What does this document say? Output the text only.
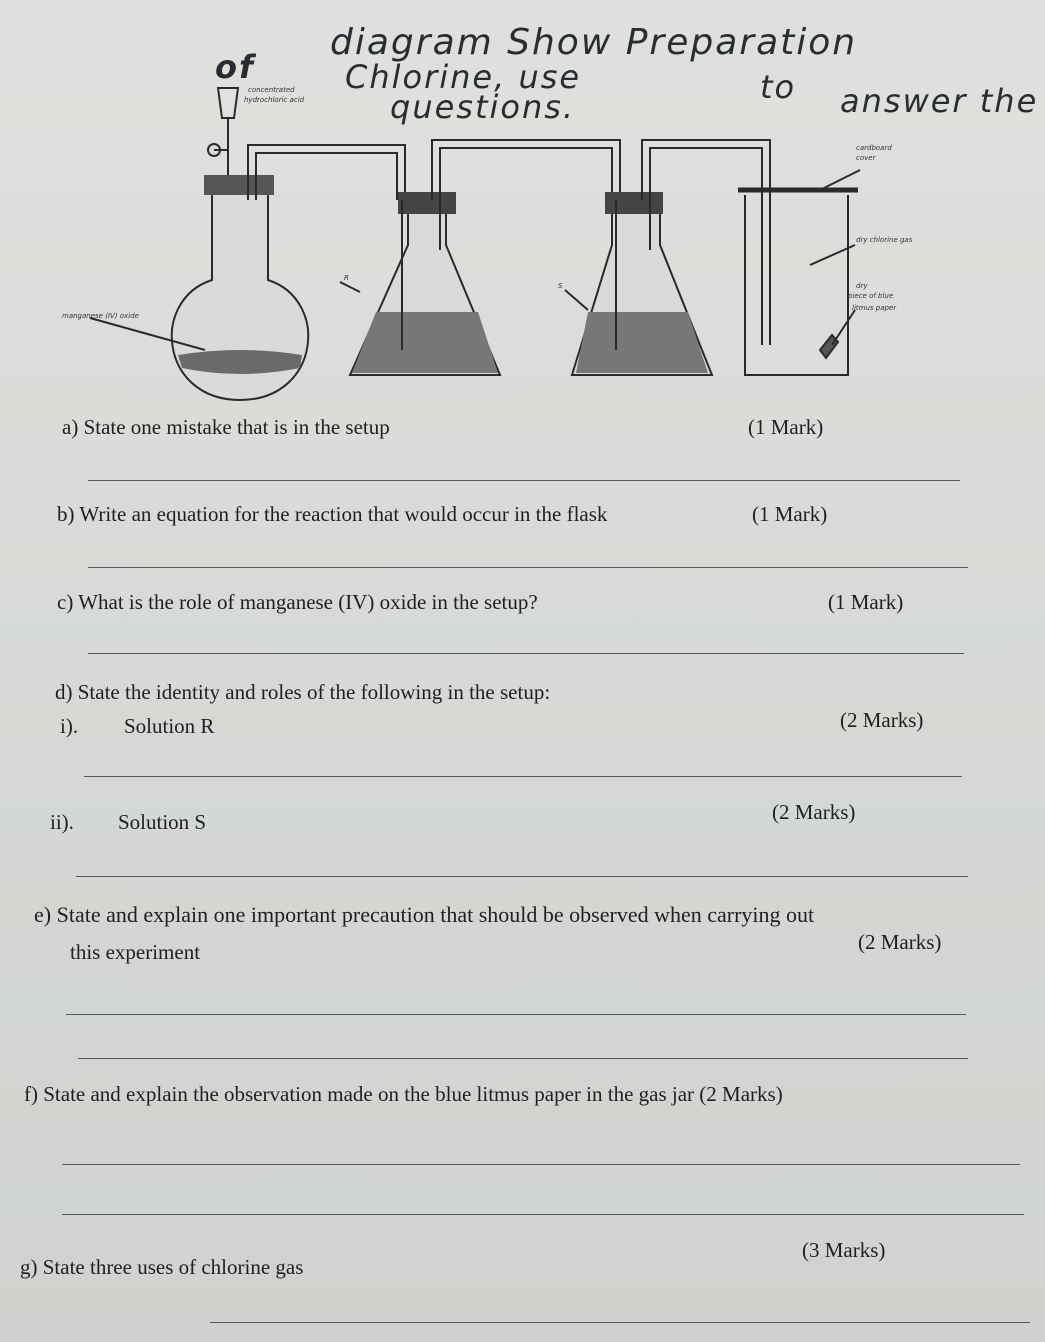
diagram Show Preparation
of	Chlorine, use	to
questions.	answer the
concentrated
hydrochloric acid
manganese (IV) oxide
R
S
cardboard
cover
dry chlorine gas
dry
piece of blue
litmus paper
a) State one mistake that is in the setup	(1 Mark)
b) Write an equation for the reaction that would occur in the flask	(1 Mark)
c) What is the role of manganese (IV) oxide in the setup?	(1 Mark)
d) State the identity and roles of the following in the setup:
i). Solution R	(2 Marks)
ii). Solution S	(2 Marks)
e) State and explain one important precaution that should be observed when carrying out
this experiment	(2 Marks)
f) State and explain the observation made on the blue litmus paper in the gas jar (2 Marks)
g) State three uses of chlorine gas
(3 Marks)
